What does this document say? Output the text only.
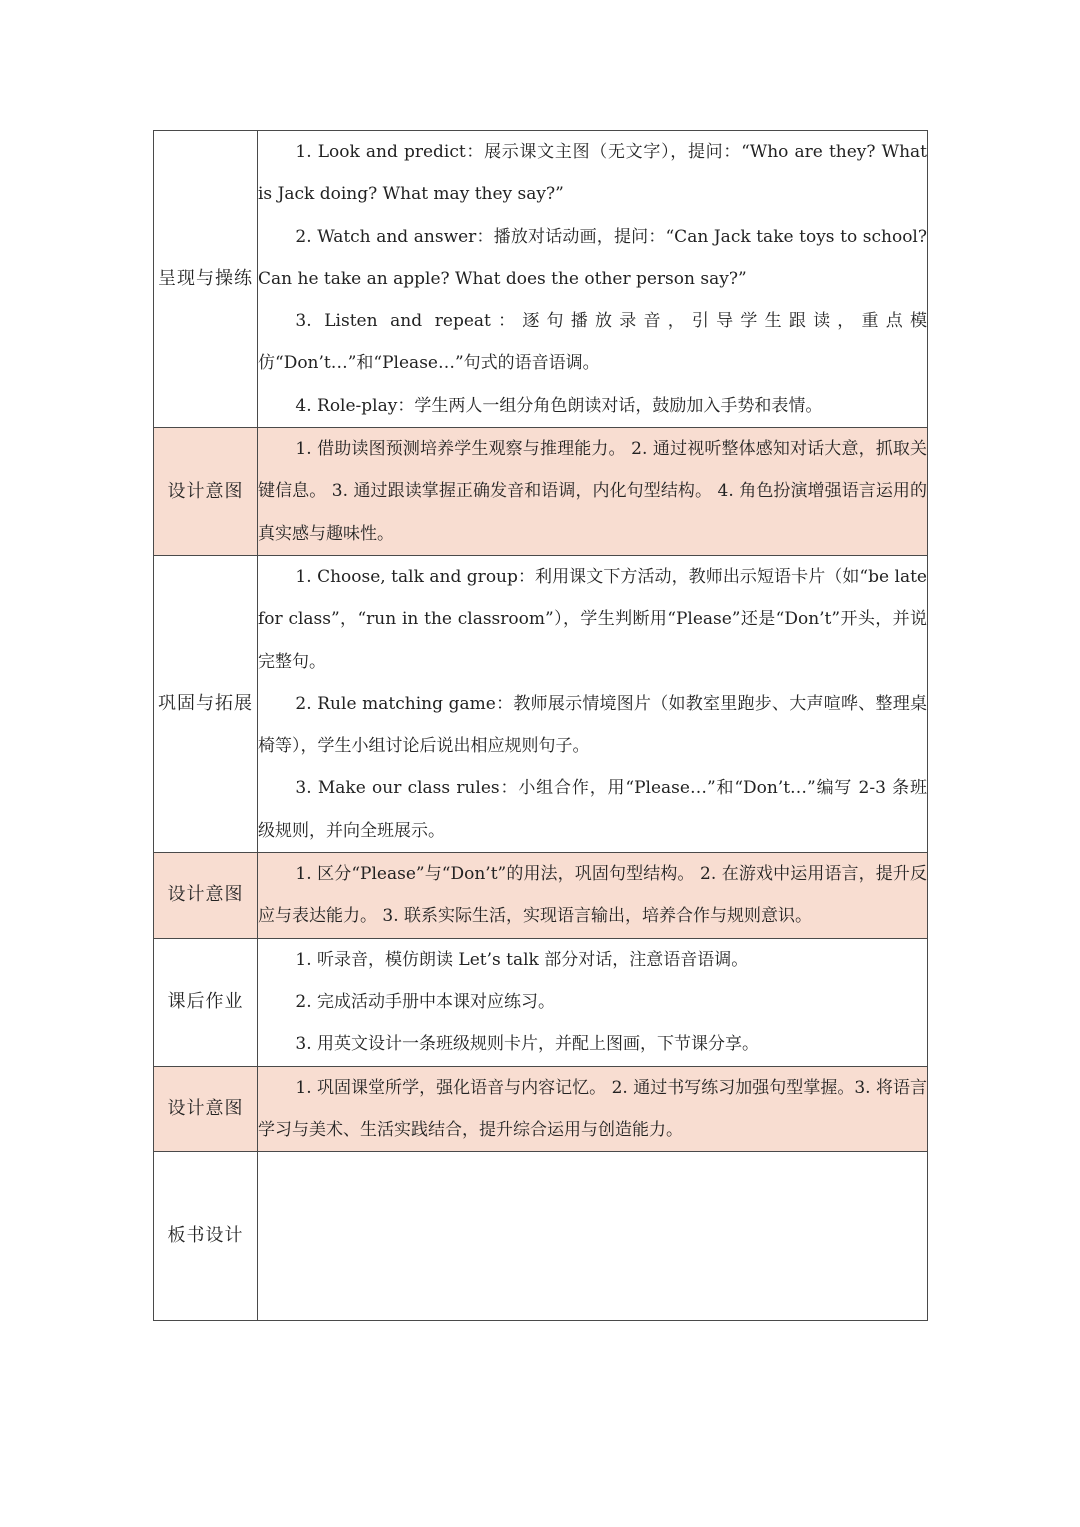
呈现与操练	1. Look and predict：展示课文主图（无文字），提问：“Who are they? What is Jack doing? What may they say?”

2. Watch and answer：播放对话动画，提问：“Can Jack take toys to school? Can he take an apple? What does the other person say?”

3. Listen and repeat：逐句播放录音，引导学生跟读，重点模仿“Don’t…”和“Please…”句式的语音语调。

4. Role-play：学生两人一组分角色朗读对话，鼓励加入手势和表情。

设计意图	1. 借助读图预测培养学生观察与推理能力。 2. 通过视听整体感知对话大意，抓取关键信息。 3. 通过跟读掌握正确发音和语调，内化句型结构。 4. 角色扮演增强语言运用的真实感与趣味性。

巩固与拓展	1. Choose, talk and group：利用课文下方活动，教师出示短语卡片（如“be late for class”，“run in the classroom”），学生判断用“Please”还是“Don’t”开头，并说完整句。

2. Rule matching game：教师展示情境图片（如教室里跑步、大声喧哗、整理桌椅等），学生小组讨论后说出相应规则句子。

3. Make our class rules：小组合作，用“Please…”和“Don’t…”编写 2-3 条班级规则，并向全班展示。

设计意图	1. 区分“Please”与“Don’t”的用法，巩固句型结构。 2. 在游戏中运用语言，提升反应与表达能力。 3. 联系实际生活，实现语言输出，培养合作与规则意识。

课后作业	1. 听录音，模仿朗读 Let’s talk 部分对话，注意语音语调。

2. 完成活动手册中本课对应练习。

3. 用英文设计一条班级规则卡片，并配上图画，下节课分享。

设计意图	1. 巩固课堂所学，强化语音与内容记忆。 2. 通过书写练习加强句型掌握。3. 将语言学习与美术、生活实践结合，提升综合运用与创造能力。

板书设计	
